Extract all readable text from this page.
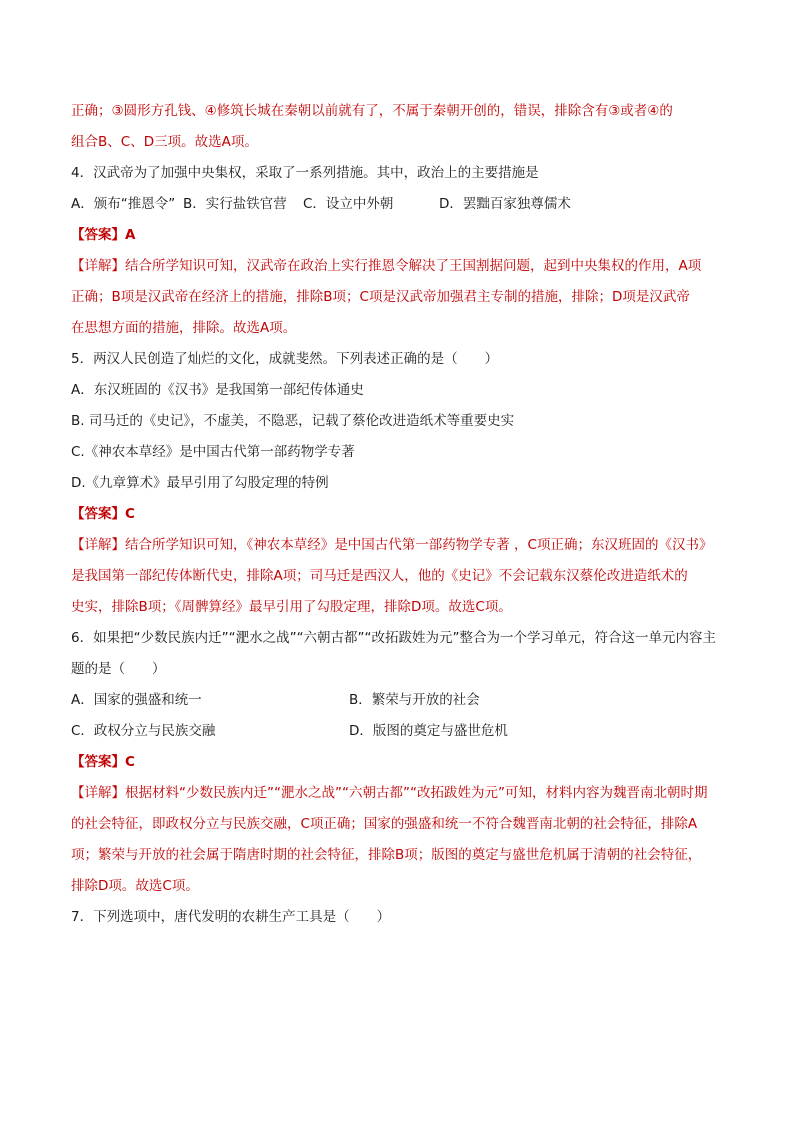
正确；③圆形方孔钱、④修筑长城在秦朝以前就有了，不属于秦朝开创的，错误，排除含有③或者④的
组合B、C、D三项。故选A项。
4．汉武帝为了加强中央集权，采取了一系列措施。其中，政治上的主要措施是
A．颁布“推恩令” B．实行盐铁官营	C．设立中外朝	D．罢黜百家独尊儒术
【答案】A
【详解】结合所学知识可知，汉武帝在政治上实行推恩令解决了王国割据问题，起到中央集权的作用，A项
正确；B项是汉武帝在经济上的措施，排除B项；C项是汉武帝加强君主专制的措施，排除；D项是汉武帝
在思想方面的措施，排除。故选A项。
5．两汉人民创造了灿烂的文化，成就斐然。下列表述正确的是（　　）
A．东汉班固的《汉书》是我国第一部纪传体通史
B. 司马迁的《史记》，不虚美，不隐恶，记载了蔡伦改进造纸术等重要史实
C.《神农本草经》是中国古代第一部药物学专著
D.《九章算术》最早引用了勾股定理的特例
【答案】C
【详解】结合所学知识可知，《神农本草经》是中国古代第一部药物学专著 ，C项正确；东汉班固的《汉书》
是我国第一部纪传体断代史，排除A项；司马迁是西汉人，他的《史记》不会记载东汉蔡伦改进造纸术的
史实，排除B项；《周髀算经》最早引用了勾股定理，排除D项。故选C项。
6．如果把“少数民族内迁”“淝水之战”“六朝古都”“改拓跋姓为元”整合为一个学习单元，符合这一单元内容主
题的是（　　）
A．国家的强盛和统一	B．繁荣与开放的社会
C．政权分立与民族交融	D．版图的奠定与盛世危机
【答案】C
【详解】根据材料“少数民族内迁”“淝水之战”“六朝古都”“改拓跋姓为元”可知，材料内容为魏晋南北朝时期
的社会特征，即政权分立与民族交融，C项正确；国家的强盛和统一不符合魏晋南北朝的社会特征，排除A
项；繁荣与开放的社会属于隋唐时期的社会特征，排除B项；版图的奠定与盛世危机属于清朝的社会特征，
排除D项。故选C项。
7．下列选项中，唐代发明的农耕生产工具是（　　）
